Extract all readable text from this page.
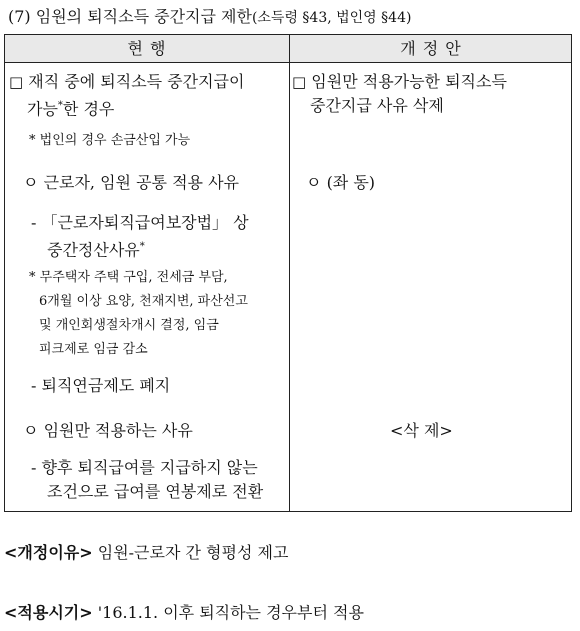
(7) 임원의 퇴직소득 중간지급 제한(소득령 §43, 법인영 §44)
현 행	개 정 안
□ 재직 중에 퇴직소득 중간지급이
가능*한 경우
* 법인의 경우 손금산입 가능
ㅇ 근로자, 임원 공통 적용 사유
- 「근로자퇴직급여보장법」 상
중간정산사유*
* 무주택자 주택 구입, 전세금 부담,
6개월 이상 요양, 천재지변, 파산선고
및 개인회생절차개시 결정, 임금
피크제로 임금 감소
- 퇴직연금제도 폐지
ㅇ 임원만 적용하는 사유
- 향후 퇴직급여를 지급하지 않는
조건으로 급여를 연봉제로 전환
□ 임원만 적용가능한 퇴직소득
중간지급 사유 삭제
ㅇ (좌 동)
<삭 제>
<개정이유> 임원-근로자 간 형평성 제고
<적용시기> '16.1.1. 이후 퇴직하는 경우부터 적용
